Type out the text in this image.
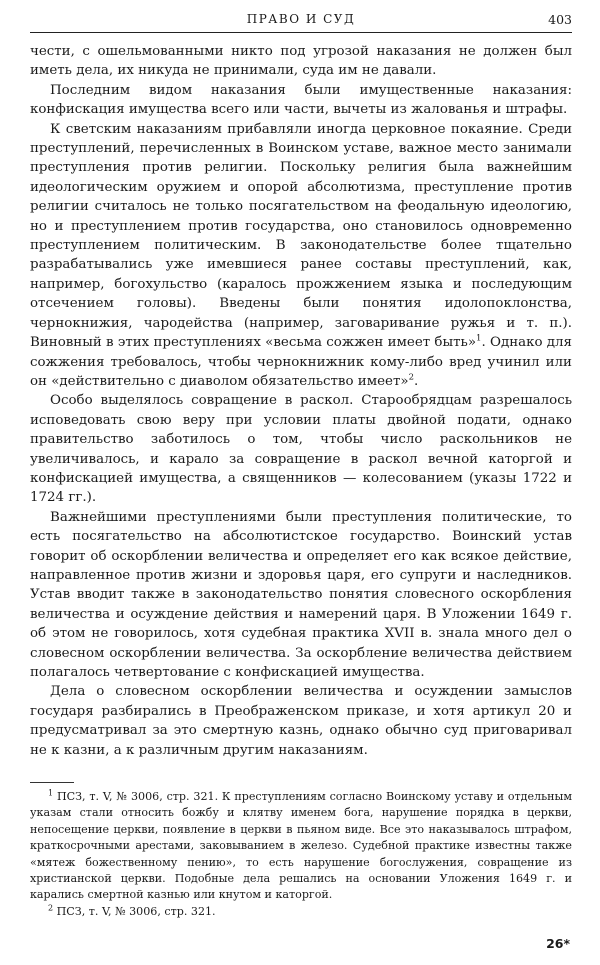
ПРАВО И СУД	403

чести, с ошельмованными никто под угрозой наказания не должен был иметь дела, их никуда не принимали, суда им не давали.

Последним видом наказания были имущественные наказания: конфискация имущества всего или части, вычеты из жалованья и штрафы.

К светским наказаниям прибавляли иногда церковное покаяние. Среди преступлений, перечисленных в Воинском уставе, важное место занимали преступления против религии. Поскольку религия была важнейшим идеологическим оружием и опорой абсолютизма, преступление против религии считалось не только посягательством на феодальную идеологию, но и преступлением против государства, оно становилось одновременно преступлением политическим. В законодательстве более тщательно разрабатывались уже имевшиеся ранее составы преступлений, как, например, богохульство (каралось прожжением языка и последующим отсечением головы). Введены были понятия идолопоклонства, чернокнижия, чародейства (например, заговаривание ружья и т. п.). Виновный в этих преступлениях «весьма сожжен имеет быть»$^1$. Однако для сожжения требовалось, чтобы чернокнижник кому-либо вред учинил или он «действительно с диаволом обязательство имеет»$^2$.

Особо выделялось совращение в раскол. Старообрядцам разрешалось исповедовать свою веру при условии платы двойной подати, однако правительство заботилось о том, чтобы число раскольников не увеличивалось, и карало за совращение в раскол вечной каторгой и конфискацией имущества, а священников — колесованием (указы 1722 и 1724 гг.).

Важнейшими преступлениями были преступления политические, то есть посягательство на абсолютистское государство. Воинский устав говорит об оскорблении величества и определяет его как всякое действие, направленное против жизни и здоровья царя, его супруги и наследников. Устав вводит также в законодательство понятия словесного оскорбления величества и осуждение действия и намерений царя. В Уложении 1649 г. об этом не говорилось, хотя судебная практика XVII в. знала много дел о словесном оскорблении величества. За оскорбление величества действием полагалось четвертование с конфискацией имущества.

Дела о словесном оскорблении величества и осуждении замыслов государя разбирались в Преображенском приказе, и хотя артикул 20 и предусматривал за это смертную казнь, однако обычно суд приговаривал не к казни, а к различным другим наказаниям.

$^1$ ПСЗ, т. V, № 3006, стр. 321. К преступлениям согласно Воинскому уставу и отдельным указам стали относить божбу и клятву именем бога, нарушение порядка в церкви, непосещение церкви, появление в церкви в пьяном виде. Все это наказывалось штрафом, краткосрочными арестами, заковыванием в железо. Судебной практике известны также «мятеж божественному пению», то есть нарушение богослужения, совращение из христианской церкви. Подобные дела решались на основании Уложения 1649 г. и карались смертной казнью или кнутом и каторгой.

$^2$ ПСЗ, т. V, № 3006, стр. 321.

26*
